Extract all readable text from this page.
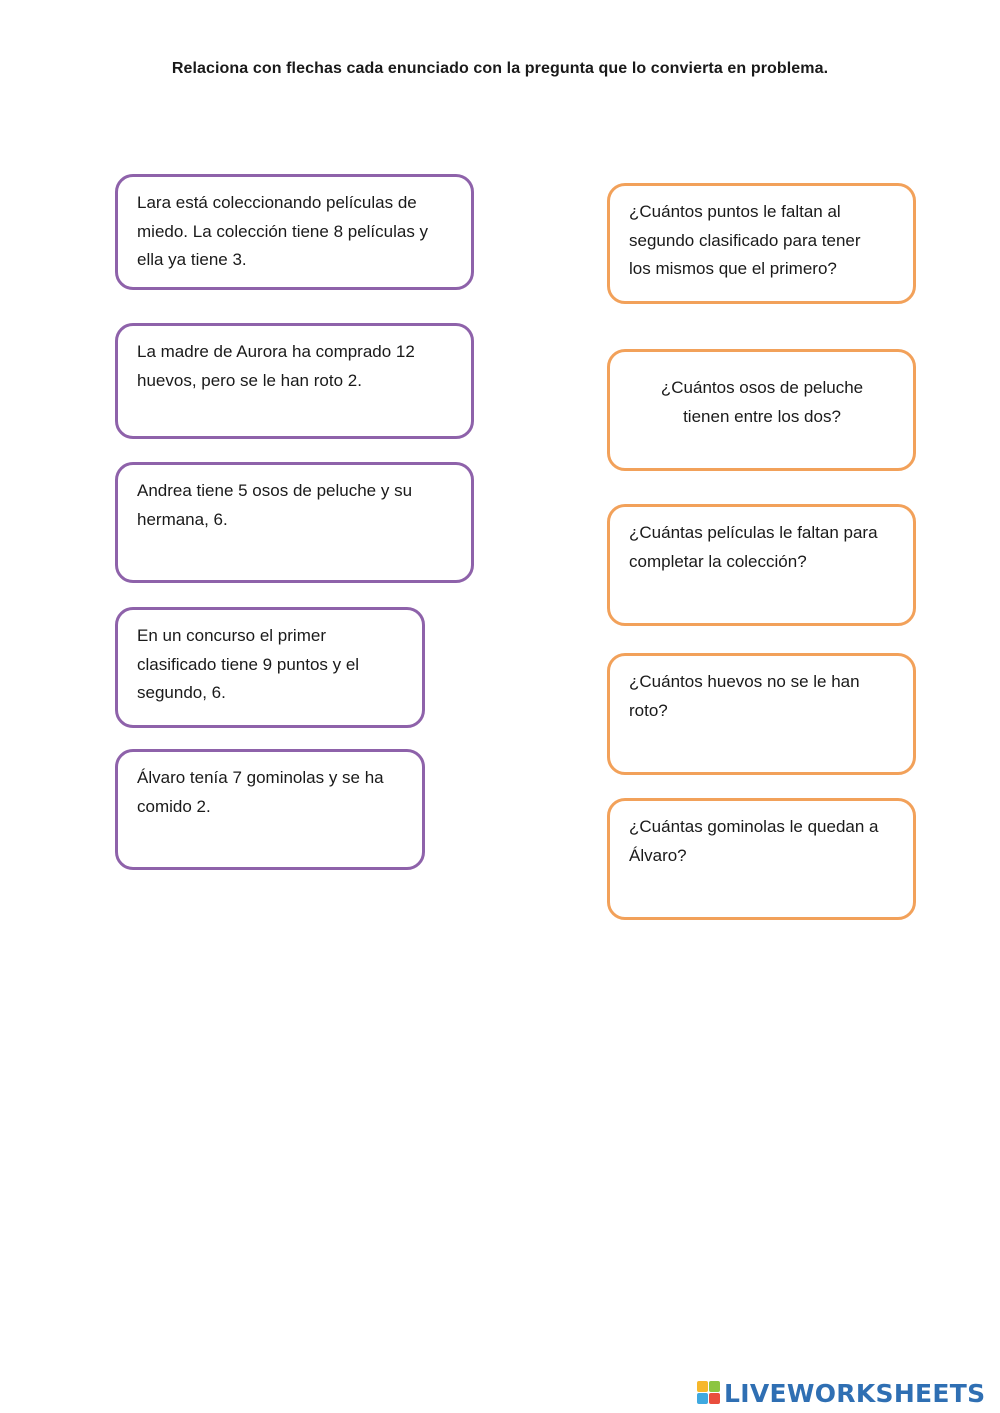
Relaciona con flechas cada enunciado con la pregunta que lo convierta en problema.
Lara está coleccionando películas de
miedo. La colección tiene 8 películas y
ella ya tiene 3.
La madre de Aurora ha comprado 12
huevos, pero se le han roto 2.
Andrea tiene 5 osos de peluche y su
hermana, 6.
En un concurso el primer
clasificado tiene 9 puntos y el
segundo, 6.
Álvaro tenía 7 gominolas y se ha
comido 2.
¿Cuántos puntos le faltan al
segundo clasificado para tener
los mismos que el primero?
¿Cuántos osos de peluche
tienen entre los dos?
¿Cuántas películas le faltan para
completar la colección?
¿Cuántos huevos no se le han
roto?
¿Cuántas gominolas le quedan a
Álvaro?
LIVEWORKSHEETS
